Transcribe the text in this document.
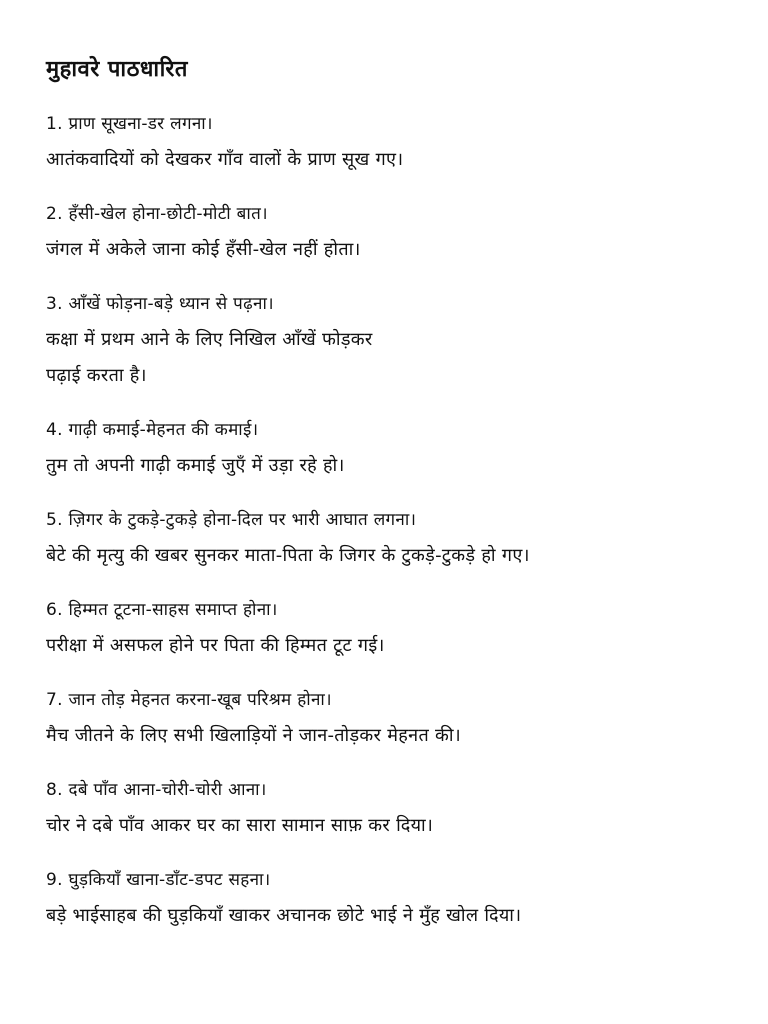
मुहावरे पाठधारित

1. प्राण सूखना-डर लगना।

आतंकवादियों को देखकर गाँव वालों के प्राण सूख गए।

2. हँसी-खेल होना-छोटी-मोटी बात।

जंगल में अकेले जाना कोई हँसी-खेल नहीं होता।

3. आँखें फोड़ना-बड़े ध्यान से पढ़ना।

कक्षा में प्रथम आने के लिए निखिल आँखें फोड़कर

पढ़ाई करता है।

4. गाढ़ी कमाई-मेहनत की कमाई।

तुम तो अपनी गाढ़ी कमाई जुएँ में उड़ा रहे हो।

5. ज़िगर के टुकड़े-टुकड़े होना-दिल पर भारी आघात लगना।

बेटे की मृत्यु की खबर सुनकर माता-पिता के जिगर के टुकड़े-टुकड़े हो गए।

6. हिम्मत टूटना-साहस समाप्त होना।

परीक्षा में असफल होने पर पिता की हिम्मत टूट गई।

7. जान तोड़ मेहनत करना-खूब परिश्रम होना।

मैच जीतने के लिए सभी खिलाड़ियों ने जान-तोड़कर मेहनत की।

8. दबे पाँव आना-चोरी-चोरी आना।

चोर ने दबे पाँव आकर घर का सारा सामान साफ़ कर दिया।

9. घुड़कियाँ खाना-डाँट-डपट सहना।

बड़े भाईसाहब की घुड़कियाँ खाकर अचानक छोटे भाई ने मुँह खोल दिया।
